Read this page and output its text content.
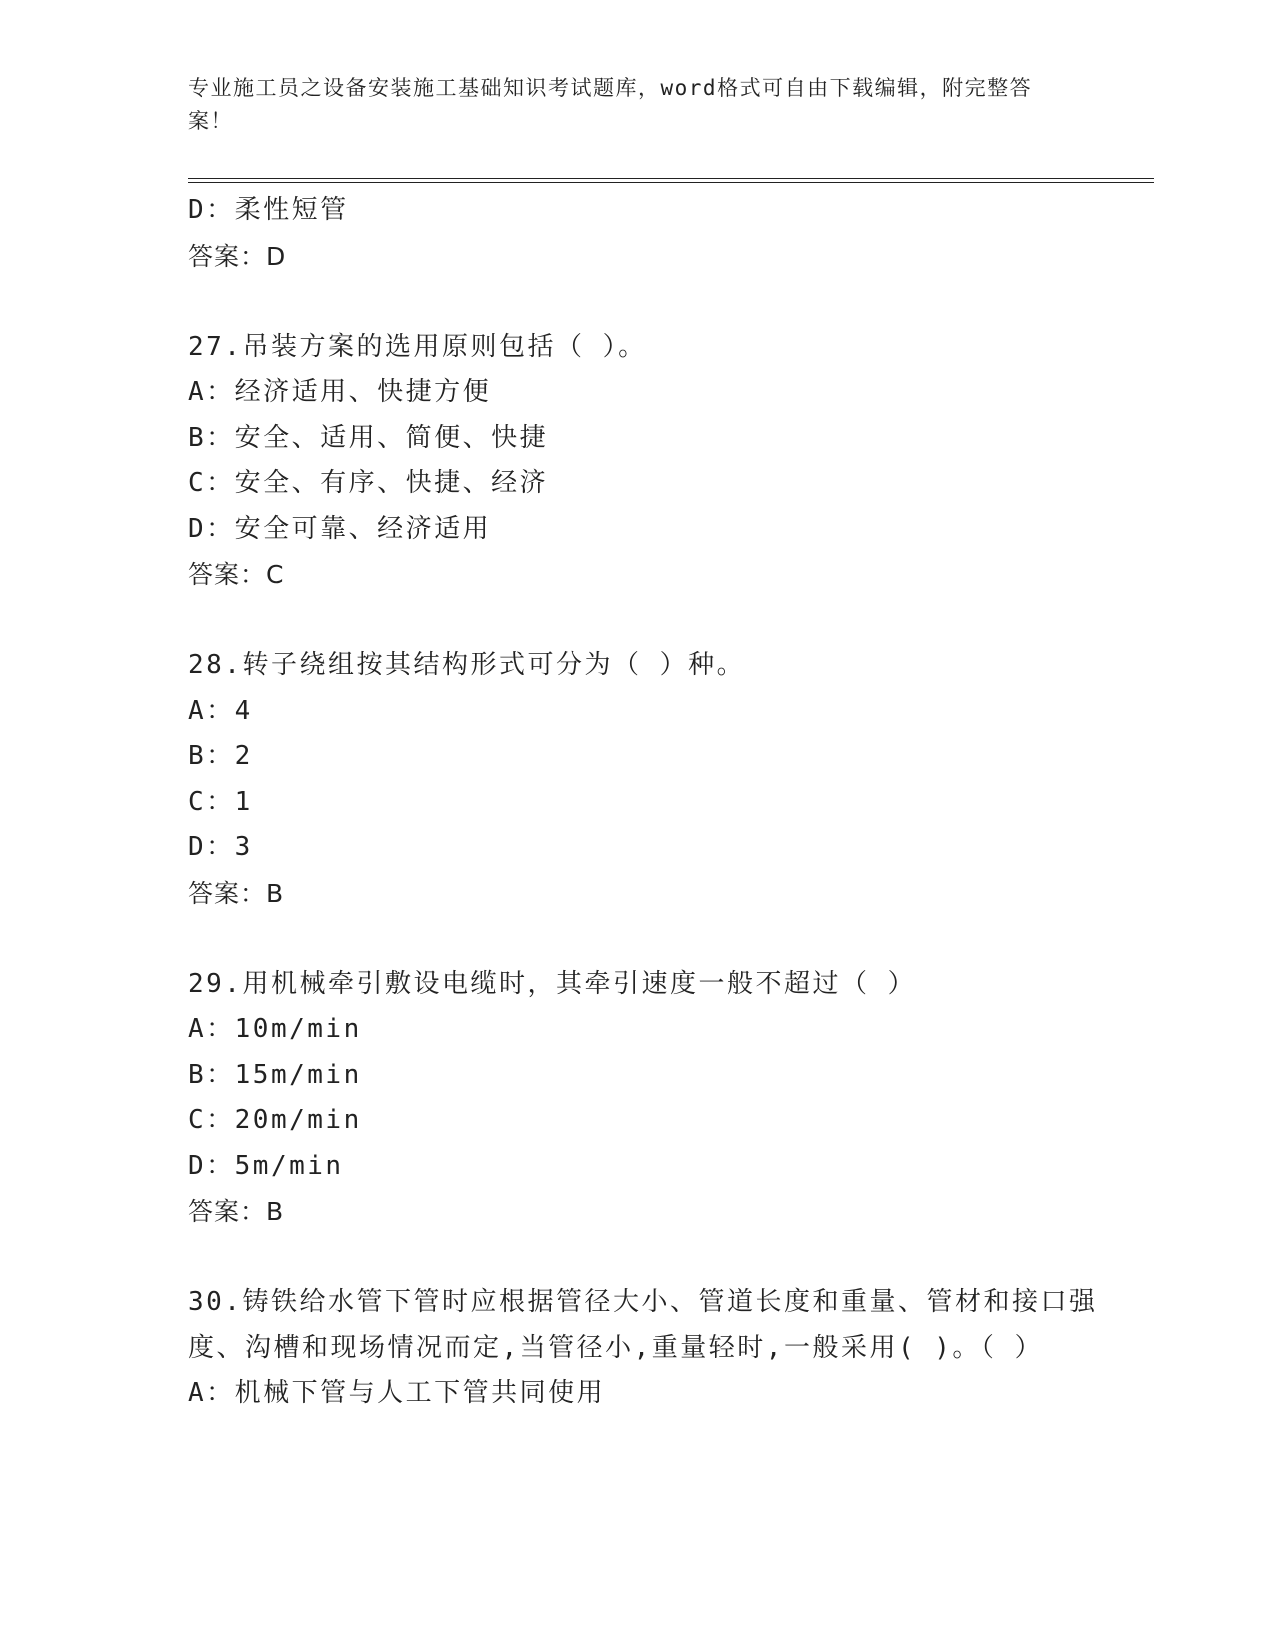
专业施工员之设备安装施工基础知识考试题库，word格式可自由下载编辑，附完整答案！
D：柔性短管
答案：D
27.吊装方案的选用原则包括（ ）。
A：经济适用、快捷方便
B：安全、适用、简便、快捷
C：安全、有序、快捷、经济
D：安全可靠、经济适用
答案：C
28.转子绕组按其结构形式可分为（ ）种。
A：4
B：2
C：1
D：3
答案：B
29.用机械牵引敷设电缆时，其牵引速度一般不超过（ ）
A：10m/min
B：15m/min
C：20m/min
D：5m/min
答案：B
30.铸铁给水管下管时应根据管径大小、管道长度和重量、管材和接口强度、沟槽和现场情况而定,当管径小,重量轻时,一般采用( )。（ ）
A：机械下管与人工下管共同使用
